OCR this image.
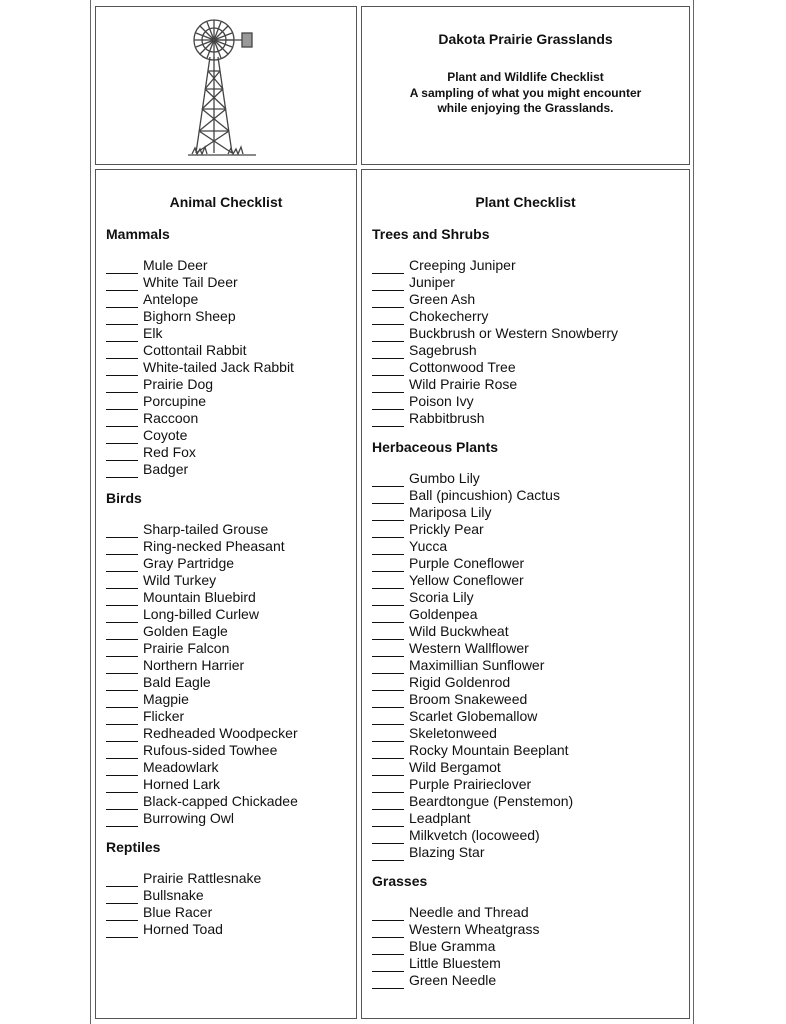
Dakota Prairie Grasslands
Plant and Wildlife Checklist
A sampling of what you might encounter
while enjoying the Grasslands.
Animal Checklist
Mammals
Mule Deer
White Tail Deer
Antelope
Bighorn Sheep
Elk
Cottontail Rabbit
White-tailed Jack Rabbit
Prairie Dog
Porcupine
Raccoon
Coyote
Red Fox
Badger
Birds
Sharp-tailed Grouse
Ring-necked Pheasant
Gray Partridge
Wild Turkey
Mountain Bluebird
Long-billed Curlew
Golden Eagle
Prairie Falcon
Northern Harrier
Bald Eagle
Magpie
Flicker
Redheaded Woodpecker
Rufous-sided Towhee
Meadowlark
Horned Lark
Black-capped Chickadee
Burrowing Owl
Reptiles
Prairie Rattlesnake
Bullsnake
Blue Racer
Horned Toad
Plant Checklist
Trees and Shrubs
Creeping Juniper
Juniper
Green Ash
Chokecherry
Buckbrush or Western Snowberry
Sagebrush
Cottonwood Tree
Wild Prairie Rose
Poison Ivy
Rabbitbrush
Herbaceous Plants
Gumbo Lily
Ball (pincushion) Cactus
Mariposa Lily
Prickly Pear
Yucca
Purple Coneflower
Yellow Coneflower
Scoria Lily
Goldenpea
Wild Buckwheat
Western Wallflower
Maximillian Sunflower
Rigid Goldenrod
Broom Snakeweed
Scarlet Globemallow
Skeletonweed
Rocky Mountain Beeplant
Wild Bergamot
Purple Prairieclover
Beardtongue (Penstemon)
Leadplant
Milkvetch (locoweed)
Blazing Star
Grasses
Needle and Thread
Western Wheatgrass
Blue Gramma
Little Bluestem
Green Needle
